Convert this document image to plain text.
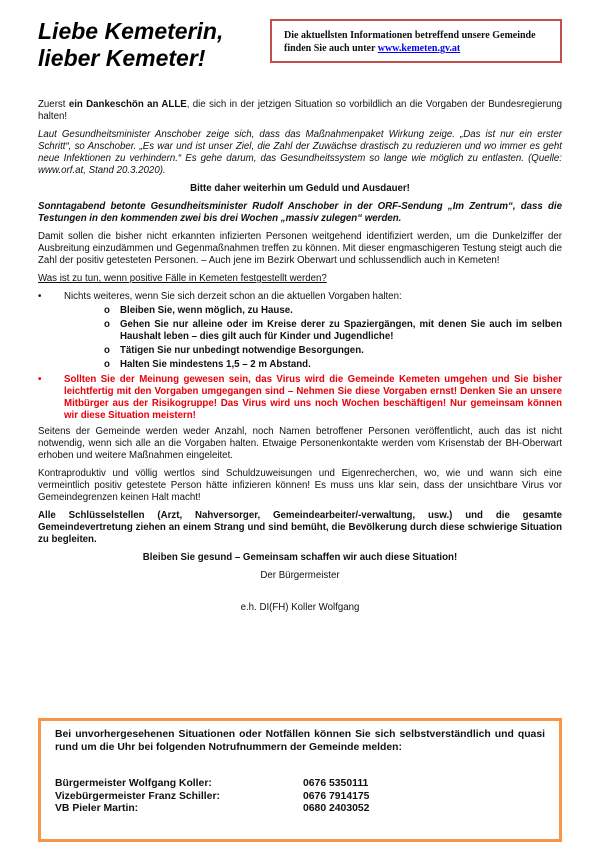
Liebe Kemeterin,
lieber Kemeter!
Die aktuellsten Informationen betreffend unsere Gemeinde finden Sie auch unter www.kemeten.gv.at

Zuerst ein Dankeschön an ALLE, die sich in der jetzigen Situation so vorbildlich an die Vorgaben der Bundesregierung halten!

Laut Gesundheitsminister Anschober zeige sich, dass das Maßnahmenpaket Wirkung zeige. „Das ist nur ein erster Schritt“, so Anschober. „Es war und ist unser Ziel, die Zahl der Zuwächse drastisch zu reduzieren und wo immer es geht neue Infektionen zu verhindern.“ Es gehe darum, das Gesundheitssystem so lange wie möglich zu entlasten. (Quelle: www.orf.at, Stand 20.3.2020).

Bitte daher weiterhin um Geduld und Ausdauer!

Sonntagabend betonte Gesundheitsminister Rudolf Anschober in der ORF-Sendung „Im Zentrum“, dass die Testungen in den kommenden zwei bis drei Wochen „massiv zulegen“ werden.

Damit sollen die bisher nicht erkannten infizierten Personen weitgehend identifiziert werden, um die Dunkelziffer der Ausbreitung einzudämmen und Gegenmaßnahmen treffen zu können. Mit dieser engmaschigeren Testung steigt auch die Zahl der positiv getesteten Personen. – Auch jene im Bezirk Oberwart und schlussendlich auch in Kemeten!

Was ist zu tun, wenn positive Fälle in Kemeten festgestellt werden?

• Nichts weiteres, wenn Sie sich derzeit schon an die aktuellen Vorgaben halten:
o Bleiben Sie, wenn möglich, zu Hause.
o Gehen Sie nur alleine oder im Kreise derer zu Spaziergängen, mit denen Sie auch im selben Haushalt leben – dies gilt auch für Kinder und Jugendliche!
o Tätigen Sie nur unbedingt notwendige Besorgungen.
o Halten Sie mindestens 1,5 – 2 m Abstand.
• Sollten Sie der Meinung gewesen sein, das Virus wird die Gemeinde Kemeten umgehen und Sie bisher leichtfertig mit den Vorgaben umgegangen sind – Nehmen Sie diese Vorgaben ernst! Denken Sie an unsere Mitbürger aus der Risikogruppe! Das Virus wird uns noch Wochen beschäftigen! Nur gemeinsam können wir diese Situation meistern!

Seitens der Gemeinde werden weder Anzahl, noch Namen betroffener Personen veröffentlicht, auch das ist nicht notwendig, wenn sich alle an die Vorgaben halten. Etwaige Personenkontakte werden vom Krisenstab der BH-Oberwart erhoben und weitere Maßnahmen eingeleitet.

Kontraproduktiv und völlig wertlos sind Schuldzuweisungen und Eigenrecherchen, wo, wie und wann sich eine vermeintlich positiv getestete Person hätte infizieren können! Es muss uns klar sein, dass der unsichtbare Virus vor Gemeindegrenzen keinen Halt macht!

Alle Schlüsselstellen (Arzt, Nahversorger, Gemeindearbeiter/-verwaltung, usw.) und die gesamte Gemeindevertretung ziehen an einem Strang und sind bemüht, die Bevölkerung durch diese schwierige Situation zu begleiten.

Bleiben Sie gesund – Gemeinsam schaffen wir auch diese Situation!

Der Bürgermeister

e.h. DI(FH) Koller Wolfgang

Bei unvorhergesehenen Situationen oder Notfällen können Sie sich selbstverständlich und quasi rund um die Uhr bei folgenden Notrufnummern der Gemeinde melden:
Bürgermeister Wolfgang Koller:	0676 5350111
Vizebürgermeister Franz Schiller:	0676 7914175
VB Pieler Martin:	0680 2403052
